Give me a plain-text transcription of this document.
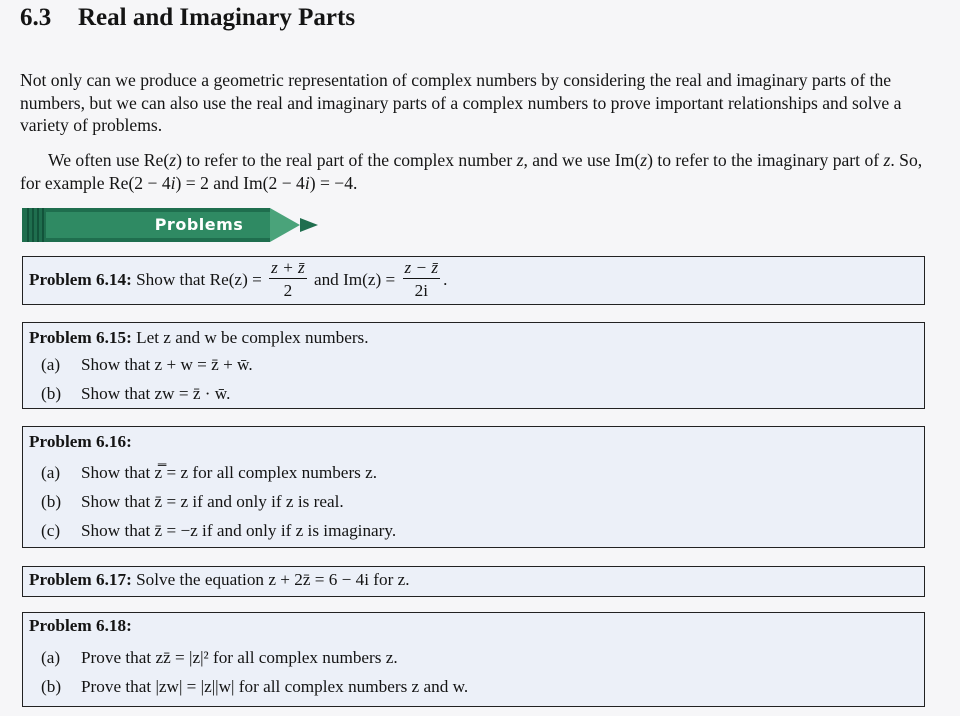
6.3 Real and Imaginary Parts

Not only can we produce a geometric representation of complex numbers by considering the real and imaginary parts of the numbers, but we can also use the real and imaginary parts of a complex numbers to prove important relationships and solve a variety of problems.

We often use Re(z) to refer to the real part of the complex number z, and we use Im(z) to refer to the imaginary part of z. So, for example Re(2 − 4i) = 2 and Im(2 − 4i) = −4.

Problems
Problem 6.14: Show that $Re(z) = \frac{z + z̄}{2}$ and $Im(z) = \frac{z - z̄}{2i}$ .
Problem 6.15: Let z and w be complex numbers.
(a) Show that z + w = z̄ + w̄.
(b) Show that zw = z̄ · w̄.
Problem 6.16:
(a) Show that z̿ = z for all complex numbers z.
(b) Show that z̄ = z if and only if z is real.
(c) Show that z̄ = −z if and only if z is imaginary.
Problem 6.17: Solve the equation z + 2z̄ = 6 − 4i for z.
Problem 6.18:
(a) Prove that zz̄ = |z|² for all complex numbers z.
(b) Prove that |zw| = |z||w| for all complex numbers z and w.
